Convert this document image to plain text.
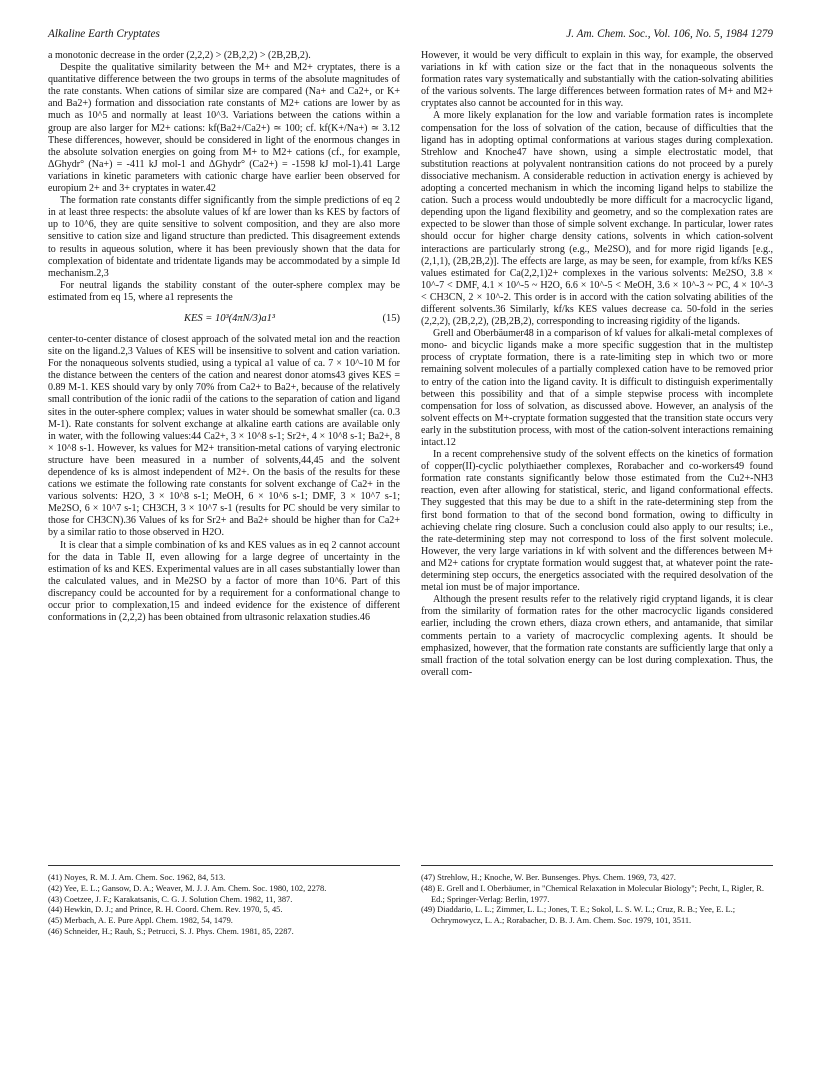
Alkaline Earth Cryptates	J. Am. Chem. Soc., Vol. 106, No. 5, 1984 1279

a monotonic decrease in the order (2,2,2) > (2B,2,2) > (2B,2B,2).

Despite the qualitative similarity between the M+ and M2+ cryptates, there is a quantitative difference between the two groups in terms of the absolute magnitudes of the rate constants. When cations of similar size are compared (Na+ and Ca2+, or K+ and Ba2+) formation and dissociation rate constants of M2+ cations are lower by as much as 10^5 and normally at least 10^3. Variations between the cations within a group are also larger for M2+ cations: kf(Ba2+/Ca2+) ≃ 100; cf. kf(K+/Na+) ≃ 3.12 These differences, however, should be considered in light of the enormous changes in the absolute solvation energies on going from M+ to M2+ cations (cf., for example, ΔGhydr° (Na+) = -411 kJ mol-1 and ΔGhydr° (Ca2+) = -1598 kJ mol-1).41 Large variations in kinetic parameters with cationic charge have earlier been observed for europium 2+ and 3+ cryptates in water.42

The formation rate constants differ significantly from the simple predictions of eq 2 in at least three respects: the absolute values of kf are lower than ks KES by factors of up to 10^6, they are quite sensitive to solvent composition, and they are also more sensitive to cation size and ligand structure than predicted. This disagreement extends to results in aqueous solution, where it has been previously shown that the data for complexation of bidentate and tridentate ligands may be accommodated by a simple Id mechanism.2,3

For neutral ligands the stability constant of the outer-sphere complex may be estimated from eq 15, where a1 represents the

KES = 10³(4πN/3)a1³	(15)

center-to-center distance of closest approach of the solvated metal ion and the reaction site on the ligand.2,3 Values of KES will be insensitive to solvent and cation variation. For the nonaqueous solvents studied, using a typical a1 value of ca. 7 × 10^-10 M for the distance between the centers of the cation and nearest donor atoms43 gives KES = 0.89 M-1. KES should vary by only 70% from Ca2+ to Ba2+, because of the relatively small contribution of the ionic radii of the cations to the separation of cation and ligand sites in the outer-sphere complex; values in water should be somewhat smaller (ca. 0.3 M-1). Rate constants for solvent exchange at alkaline earth cations are available only in water, with the following values:44 Ca2+, 3 × 10^8 s-1; Sr2+, 4 × 10^8 s-1; Ba2+, 8 × 10^8 s-1. However, ks values for M2+ transition-metal cations of varying electronic structure have been measured in a number of solvents,44,45 and the solvent dependence of ks is almost independent of M2+. On the basis of the results for these cations we estimate the following rate constants for solvent exchange of Ca2+ in the various solvents: H2O, 3 × 10^8 s-1; MeOH, 6 × 10^6 s-1; DMF, 3 × 10^7 s-1; Me2SO, 6 × 10^7 s-1; CH3CH, 3 × 10^7 s-1 (results for PC should be very similar to those for CH3CN).36 Values of ks for Sr2+ and Ba2+ should be higher than for Ca2+ by a similar ratio to those observed in H2O.

It is clear that a simple combination of ks and KES values as in eq 2 cannot account for the data in Table II, even allowing for a large degree of uncertainty in the estimation of ks and KES. Experimental values are in all cases substantially lower than the calculated values, and in Me2SO by a factor of more than 10^6. Part of this discrepancy could be accounted for by a requirement for a conformational change to occur prior to complexation,15 and indeed evidence for the existence of different conformations in (2,2,2) has been obtained from ultrasonic relaxation studies.46

However, it would be very difficult to explain in this way, for example, the observed variations in kf with cation size or the fact that in the nonaqueous solvents the formation rates vary systematically and substantially with the cation-solvating abilities of the various solvents. The large differences between formation rates of M+ and M2+ cryptates also cannot be accounted for in this way.

A more likely explanation for the low and variable formation rates is incomplete compensation for the loss of solvation of the cation, because of difficulties that the ligand has in adopting optimal conformations at various stages during complexation. Strehlow and Knoche47 have shown, using a simple electrostatic model, that substitution reactions at polyvalent nontransition cations do not proceed by a purely dissociative mechanism. A considerable reduction in activation energy is achieved by adopting a concerted mechanism in which the incoming ligand helps to stabilize the cation. Such a process would undoubtedly be more difficult for a macrocyclic ligand, depending upon the ligand flexibility and geometry, and so the complexation rates are expected to be slower than those of simple solvent exchange. In particular, lower rates should occur for higher charge density cations, solvents in which cation-solvent interactions are particularly strong (e.g., Me2SO), and for more rigid ligands [e.g., (2,1,1), (2B,2B,2)]. The effects are large, as may be seen, for example, from kf/ks KES values estimated for Ca(2,2,1)2+ complexes in the various solvents: Me2SO, 3.8 × 10^-7 < DMF, 4.1 × 10^-5 ~ H2O, 6.6 × 10^-5 < MeOH, 3.6 × 10^-3 ~ PC, 4 × 10^-3 < CH3CN, 2 × 10^-2. This order is in accord with the cation solvating abilities of the different solvents.36 Similarly, kf/ks KES values decrease ca. 50-fold in the series (2,2,2), (2B,2,2), (2B,2B,2), corresponding to increasing rigidity of the ligands.

Grell and Oberbäumer48 in a comparison of kf values for alkali-metal complexes of mono- and bicyclic ligands make a more specific suggestion that in the multistep process of cryptate formation, there is a rate-limiting step in which two or more remaining solvent molecules of a partially complexed cation have to be removed prior to entry of the cation into the ligand cavity. It is difficult to distinguish experimentally between this possibility and that of a simple stepwise process with incomplete compensation for loss of solvation, as discussed above. However, an analysis of the solvent effects on M+-cryptate formation suggested that the transition state occurs very early in the substitution process, with most of the cation-solvent interactions remaining intact.12

In a recent comprehensive study of the solvent effects on the kinetics of formation of copper(II)-cyclic polythiaether complexes, Rorabacher and co-workers49 found formation rate constants significantly below those estimated from the Cu2+-NH3 reaction, even after allowing for statistical, steric, and ligand conformational effects. They suggested that this may be due to a shift in the rate-determining step from the first bond formation to that of the second bond formation, owing to difficulty in achieving chelate ring closure. Such a conclusion could also apply to our results; i.e., the rate-determining step may not correspond to loss of the first solvent molecule. However, the very large variations in kf with solvent and the differences between M+ and M2+ cations for cryptate formation would suggest that, at whatever point the rate-determining step occurs, the energetics associated with the required desolvation of the metal ion must be of major importance.

Although the present results refer to the relatively rigid cryptand ligands, it is clear from the similarity of formation rates for the other macrocyclic ligands considered earlier, including the crown ethers, diaza crown ethers, and antamanide, that similar comments pertain to a variety of macrocyclic complexing agents. It should be emphasized, however, that the formation rate constants are sufficiently large that only a small fraction of the total solvation energy can be lost during complexation. Thus, the overall com-

(41) Noyes, R. M. J. Am. Chem. Soc. 1962, 84, 513.
(42) Yee, E. L.; Gansow, D. A.; Weaver, M. J. J. Am. Chem. Soc. 1980, 102, 2278.
(43) Coetzee, J. F.; Karakatsanis, C. G. J. Solution Chem. 1982, 11, 387.
(44) Hewkin, D. J.; and Prince, R. H. Coord. Chem. Rev. 1970, 5, 45.
(45) Merbach, A. E. Pure Appl. Chem. 1982, 54, 1479.
(46) Schneider, H.; Rauh, S.; Petrucci, S. J. Phys. Chem. 1981, 85, 2287.
(47) Strehlow, H.; Knoche, W. Ber. Bunsenges. Phys. Chem. 1969, 73, 427.
(48) E. Grell and I. Oberbäumer, in "Chemical Relaxation in Molecular Biology"; Pecht, I., Rigler, R. Ed.; Springer-Verlag: Berlin, 1977.
(49) Diaddario, L. L.; Zimmer, L. L.; Jones, T. E.; Sokol, L. S. W. L.; Cruz, R. B.; Yee, E. L.; Ochrymowycz, L. A.; Rorabacher, D. B. J. Am. Chem. Soc. 1979, 101, 3511.
